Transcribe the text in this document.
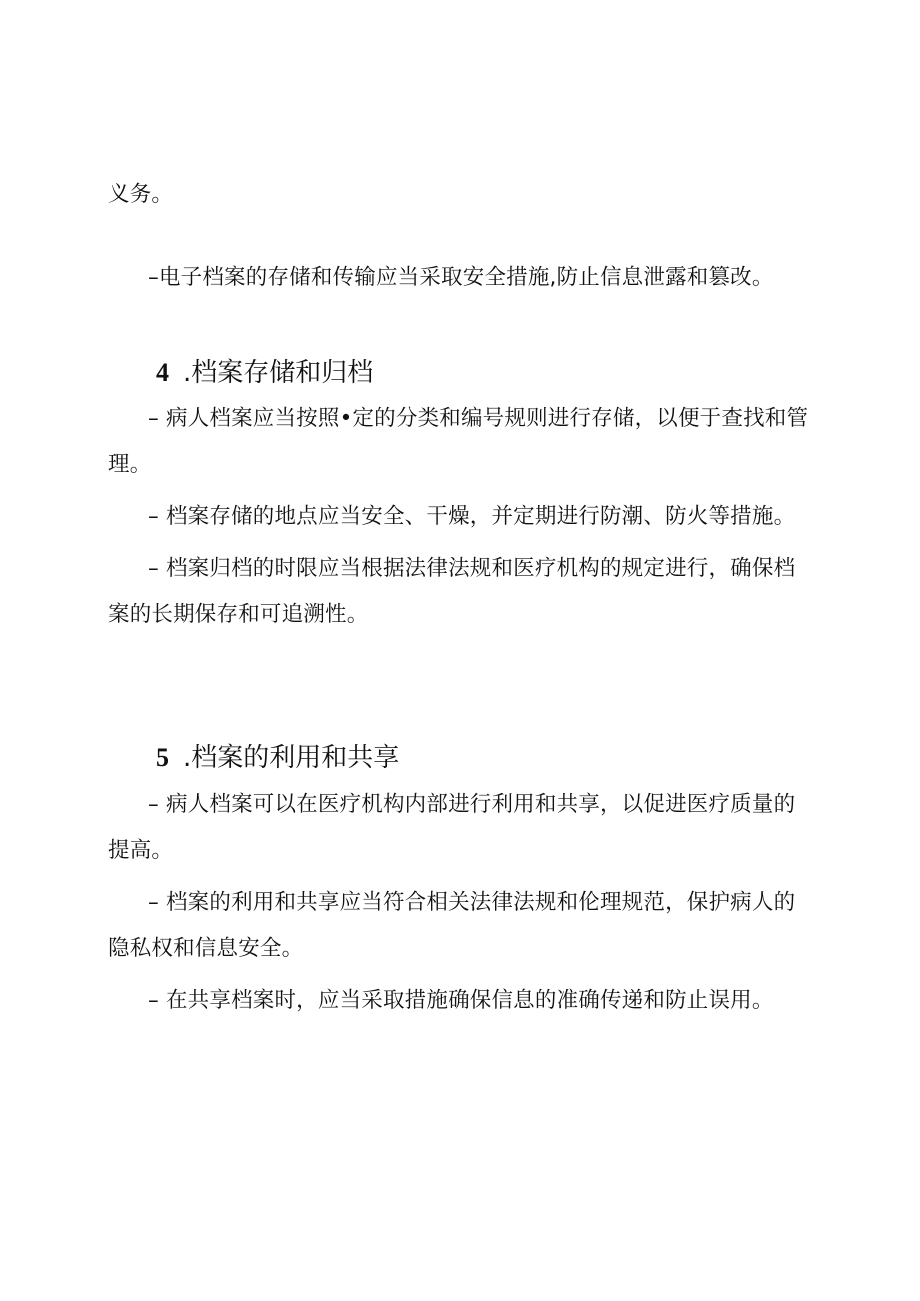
义务。

–电子档案的存储和传输应当采取安全措施,防止信息泄露和篡改。

4 .档案存储和归档

– 病人档案应当按照•定的分类和编号规则进行存储，以便于查找和管理。

– 档案存储的地点应当安全、干燥，并定期进行防潮、防火等措施。

– 档案归档的时限应当根据法律法规和医疗机构的规定进行，确保档案的长期保存和可追溯性。

5 .档案的利用和共享

– 病人档案可以在医疗机构内部进行利用和共享，以促进医疗质量的提高。

– 档案的利用和共享应当符合相关法律法规和伦理规范，保护病人的隐私权和信息安全。

– 在共享档案时，应当采取措施确保信息的准确传递和防止误用。
